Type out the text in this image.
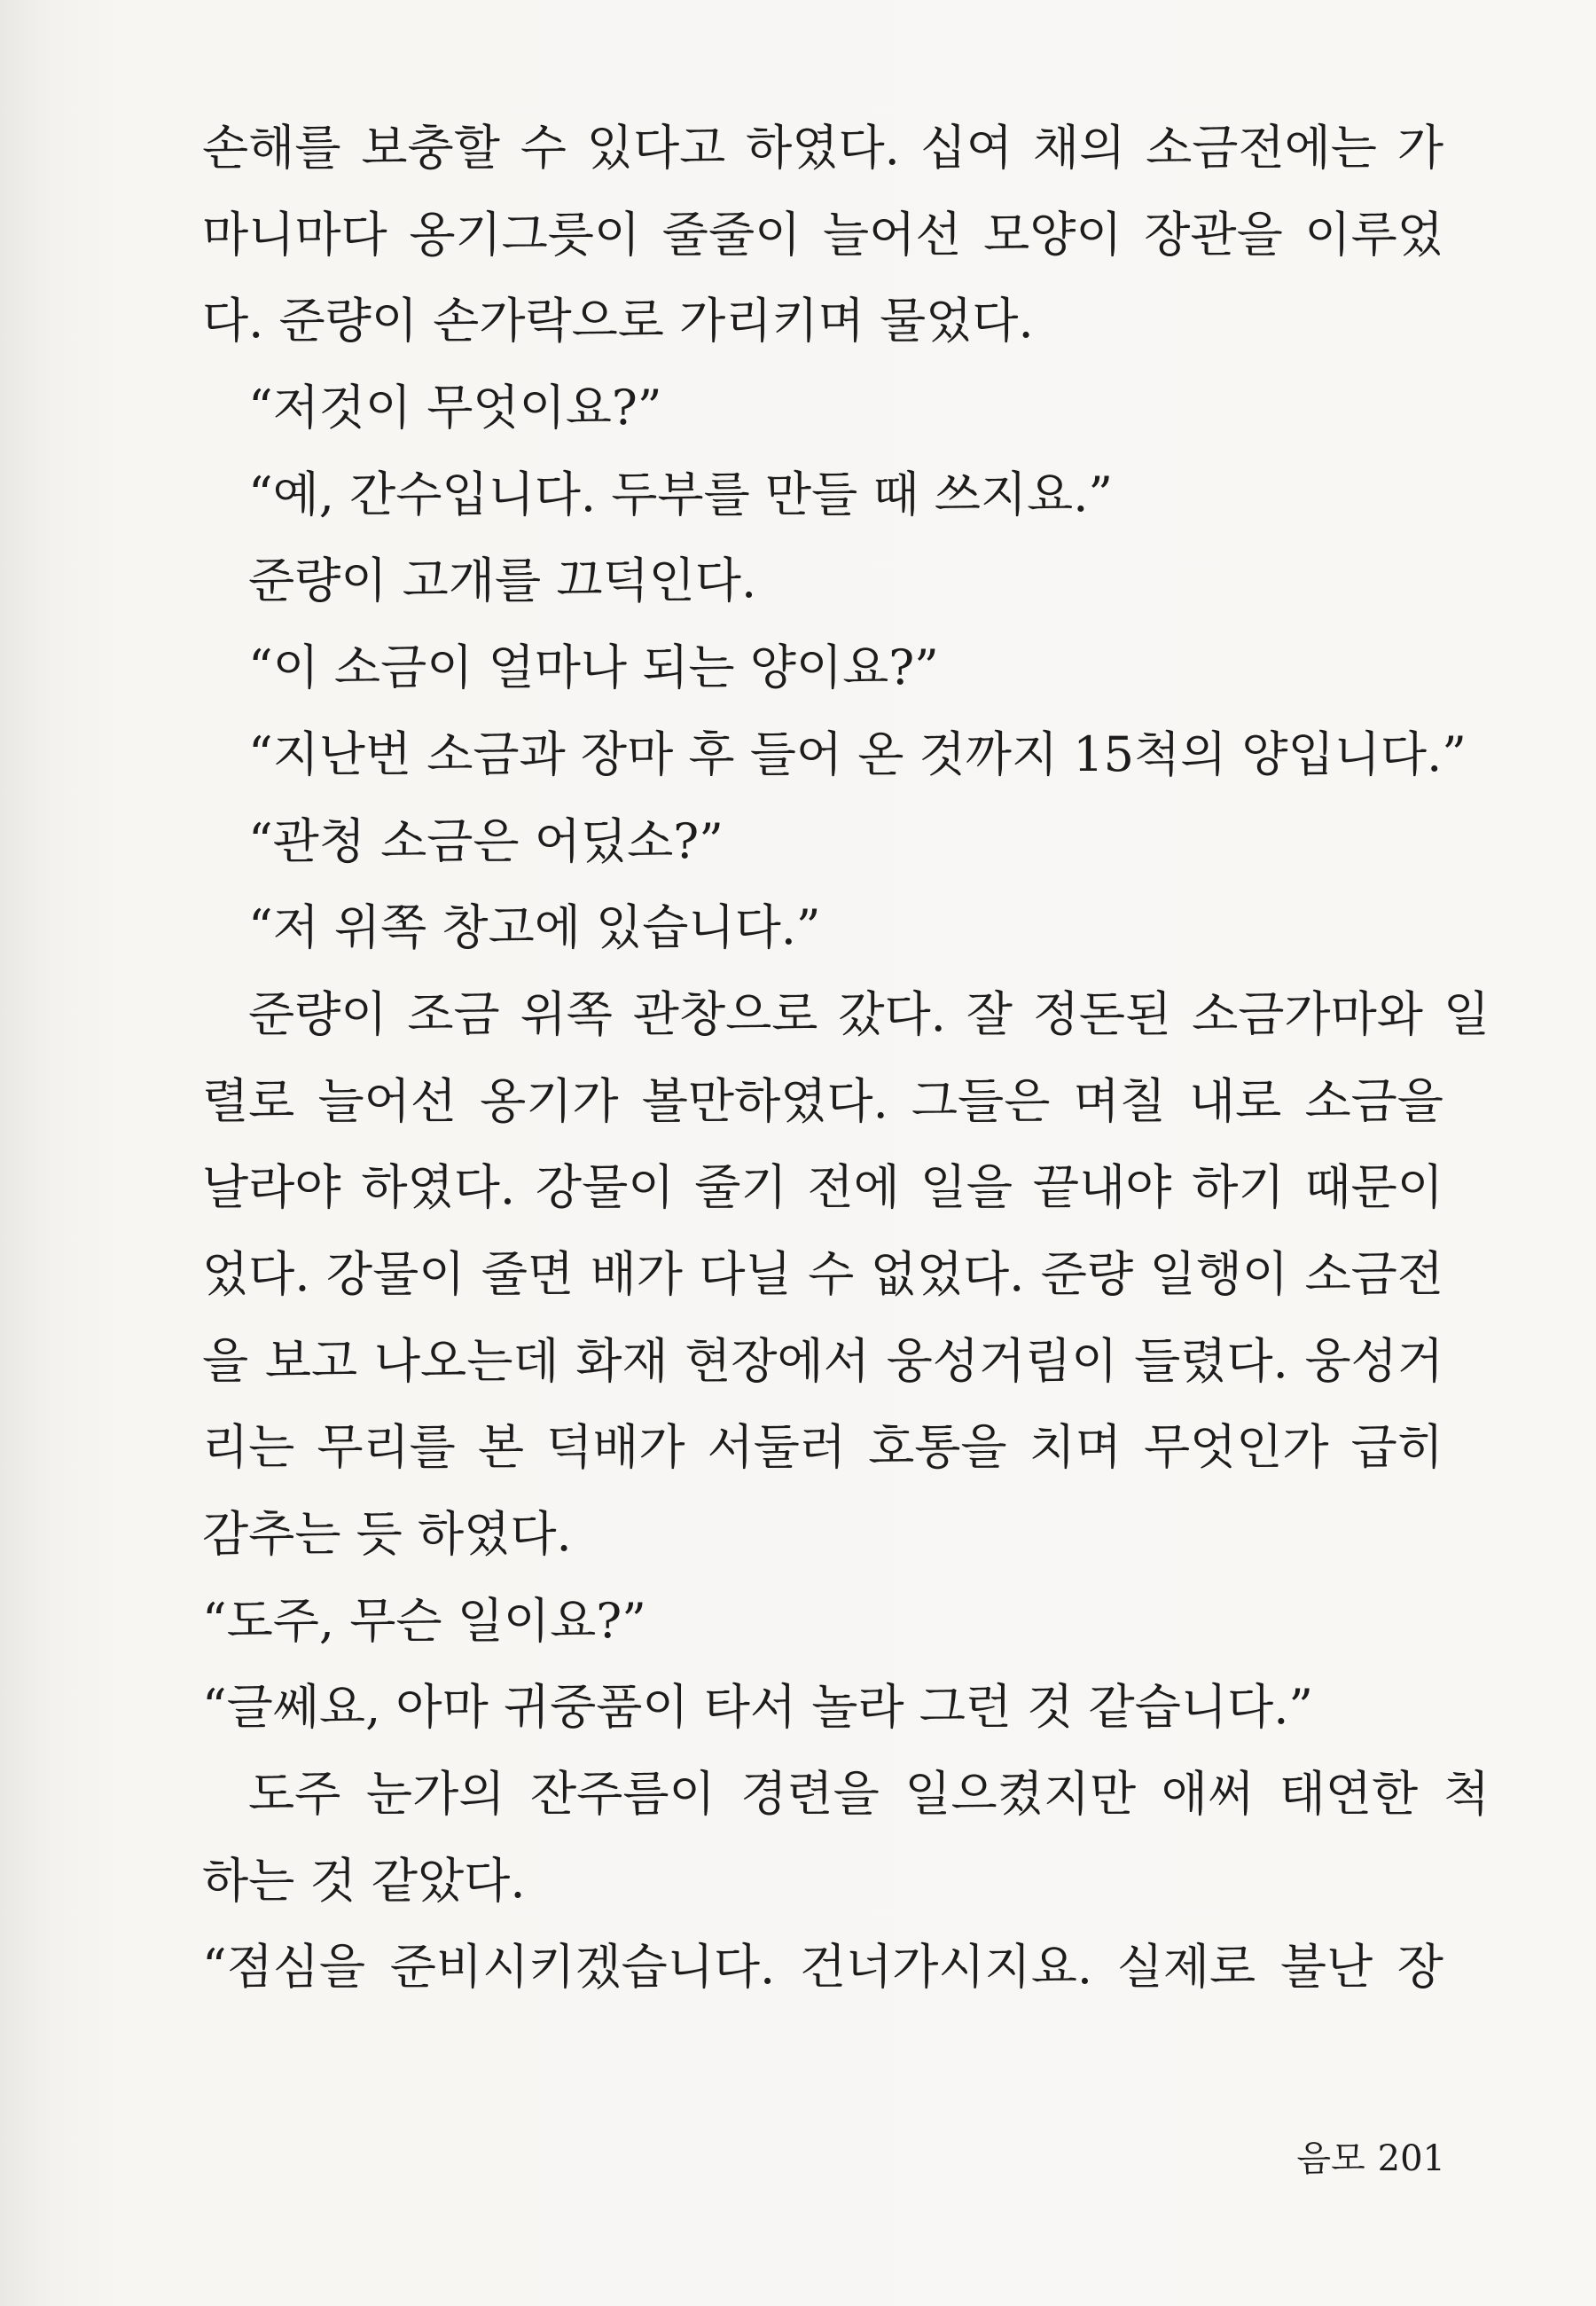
손해를 보충할 수 있다고 하였다. 십여 채의 소금전에는 가
마니마다 옹기그릇이 줄줄이 늘어선 모양이 장관을 이루었
다. 준량이 손가락으로 가리키며 물었다.
“저것이 무엇이요?”
“예, 간수입니다. 두부를 만들 때 쓰지요.”
준량이 고개를 끄덕인다.
“이 소금이 얼마나 되는 양이요?”
“지난번 소금과 장마 후 들어 온 것까지 15척의 양입니다.”
“관청 소금은 어딨소?”
“저 위쪽 창고에 있습니다.”
준량이 조금 위쪽 관창으로 갔다. 잘 정돈된 소금가마와 일
렬로 늘어선 옹기가 볼만하였다. 그들은 며칠 내로 소금을
날라야 하였다. 강물이 줄기 전에 일을 끝내야 하기 때문이
었다. 강물이 줄면 배가 다닐 수 없었다. 준량 일행이 소금전
을 보고 나오는데 화재 현장에서 웅성거림이 들렸다. 웅성거
리는 무리를 본 덕배가 서둘러 호통을 치며 무엇인가 급히
감추는 듯 하였다.
“도주, 무슨 일이요?”
“글쎄요, 아마 귀중품이 타서 놀라 그런 것 같습니다.”
도주 눈가의 잔주름이 경련을 일으켰지만 애써 태연한 척
하는 것 같았다.
“점심을 준비시키겠습니다. 건너가시지요. 실제로 불난 장
음모 201
